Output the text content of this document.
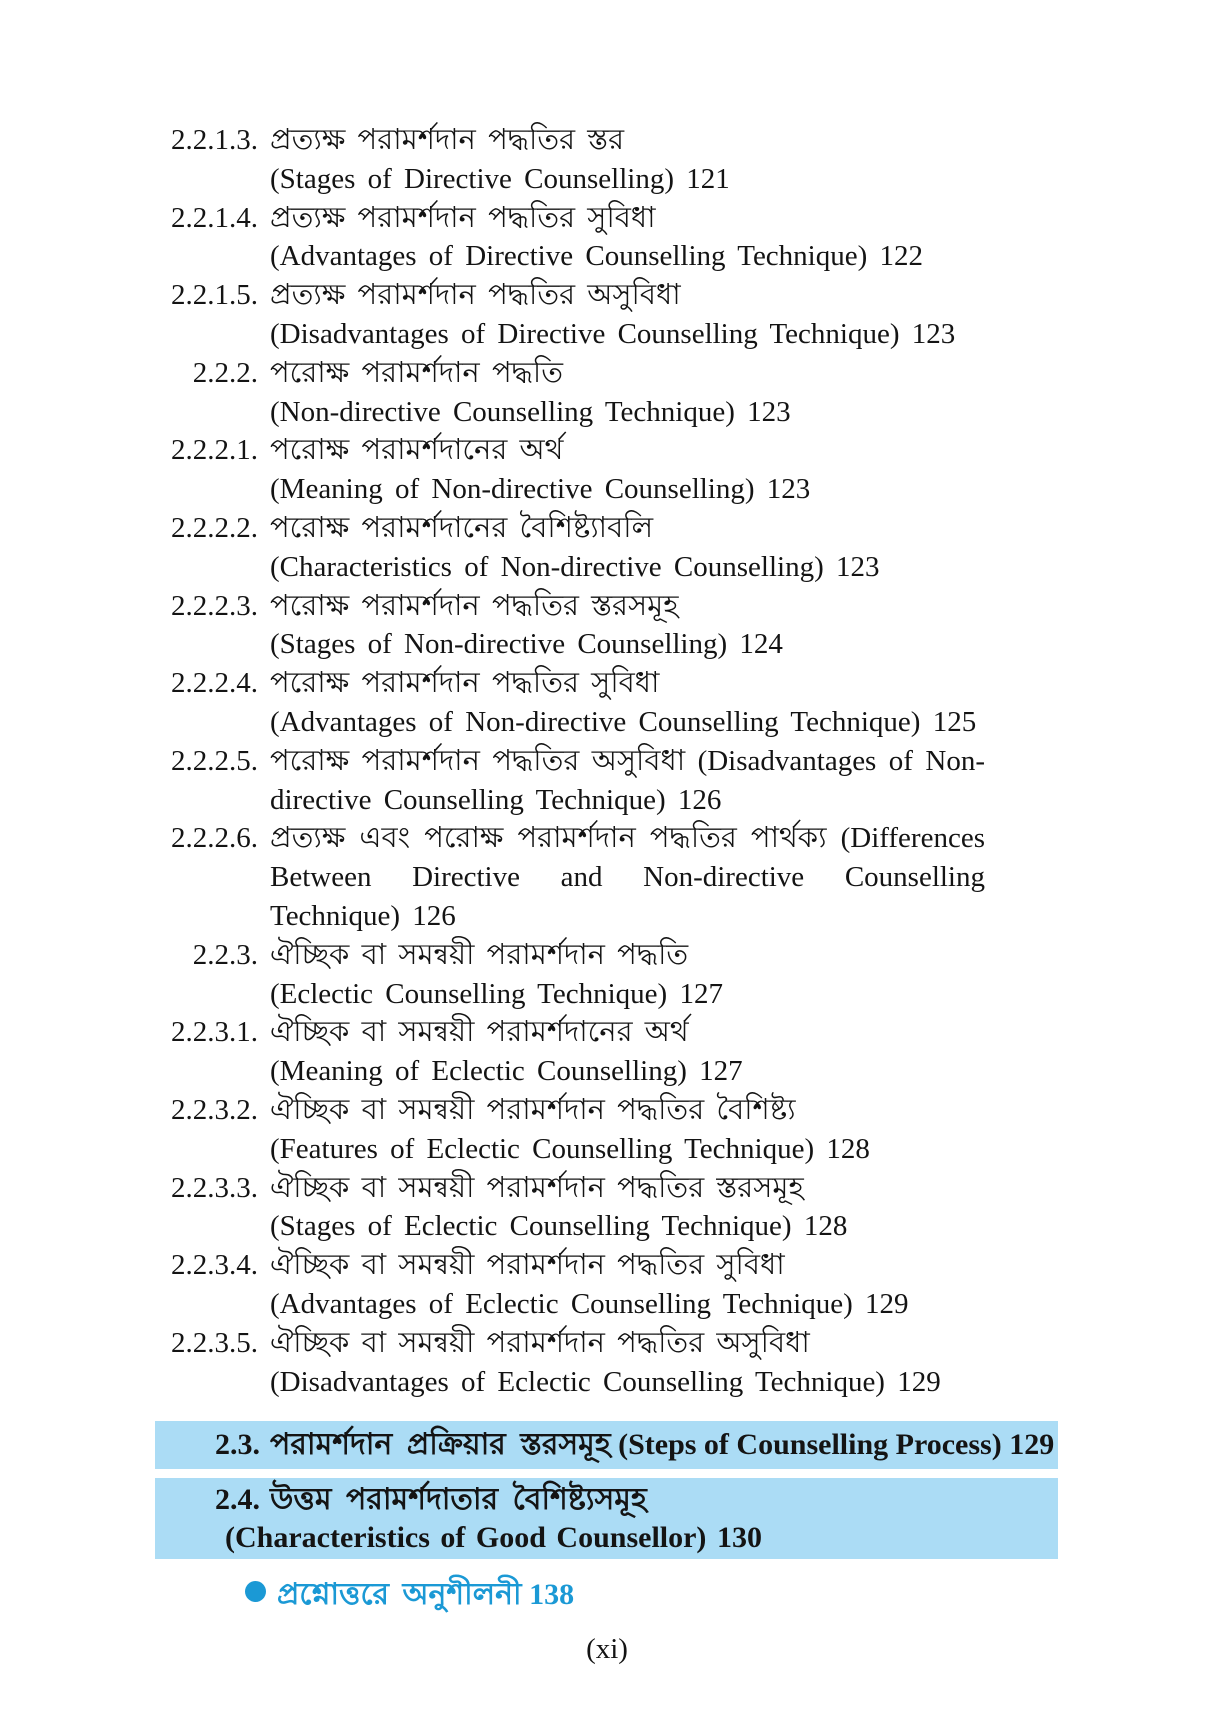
2.2.1.3. প্রত্যক্ষ পরামর্শদান পদ্ধতির স্তর
(Stages of Directive Counselling) 121
2.2.1.4. প্রত্যক্ষ পরামর্শদান পদ্ধতির সুবিধা
(Advantages of Directive Counselling Technique) 122
2.2.1.5. প্রত্যক্ষ পরামর্শদান পদ্ধতির অসুবিধা
(Disadvantages of Directive Counselling Technique) 123
2.2.2. পরোক্ষ পরামর্শদান পদ্ধতি
(Non-directive Counselling Technique) 123
2.2.2.1. পরোক্ষ পরামর্শদানের অর্থ
(Meaning of Non-directive Counselling) 123
2.2.2.2. পরোক্ষ পরামর্শদানের বৈশিষ্ট্যাবলি
(Characteristics of Non-directive Counselling) 123
2.2.2.3. পরোক্ষ পরামর্শদান পদ্ধতির স্তরসমূহ
(Stages of Non-directive Counselling) 124
2.2.2.4. পরোক্ষ পরামর্শদান পদ্ধতির সুবিধা
(Advantages of Non-directive Counselling Technique) 125
2.2.2.5. পরোক্ষ পরামর্শদান পদ্ধতির অসুবিধা (Disadvantages of Non-
directive Counselling Technique) 126
2.2.2.6. প্রত্যক্ষ এবং পরোক্ষ পরামর্শদান পদ্ধতির পার্থক্য (Differences
Between Directive and Non-directive Counselling
Technique) 126
2.2.3. ঐচ্ছিক বা সমন্বয়ী পরামর্শদান পদ্ধতি
(Eclectic Counselling Technique) 127
2.2.3.1. ঐচ্ছিক বা সমন্বয়ী পরামর্শদানের অর্থ
(Meaning of Eclectic Counselling) 127
2.2.3.2. ঐচ্ছিক বা সমন্বয়ী পরামর্শদান পদ্ধতির বৈশিষ্ট্য
(Features of Eclectic Counselling Technique) 128
2.2.3.3. ঐচ্ছিক বা সমন্বয়ী পরামর্শদান পদ্ধতির স্তরসমূহ
(Stages of Eclectic Counselling Technique) 128
2.2.3.4. ঐচ্ছিক বা সমন্বয়ী পরামর্শদান পদ্ধতির সুবিধা
(Advantages of Eclectic Counselling Technique) 129
2.2.3.5. ঐচ্ছিক বা সমন্বয়ী পরামর্শদান পদ্ধতির অসুবিধা
(Disadvantages of Eclectic Counselling Technique) 129
2.3. পরামর্শদান প্রক্রিয়ার স্তরসমূহ (Steps of Counselling Process) 129
2.4. উত্তম পরামর্শদাতার বৈশিষ্ট্যসমূহ
(Characteristics of Good Counsellor) 130
প্রশ্নোত্তরে অনুশীলনী 138
(xi)
